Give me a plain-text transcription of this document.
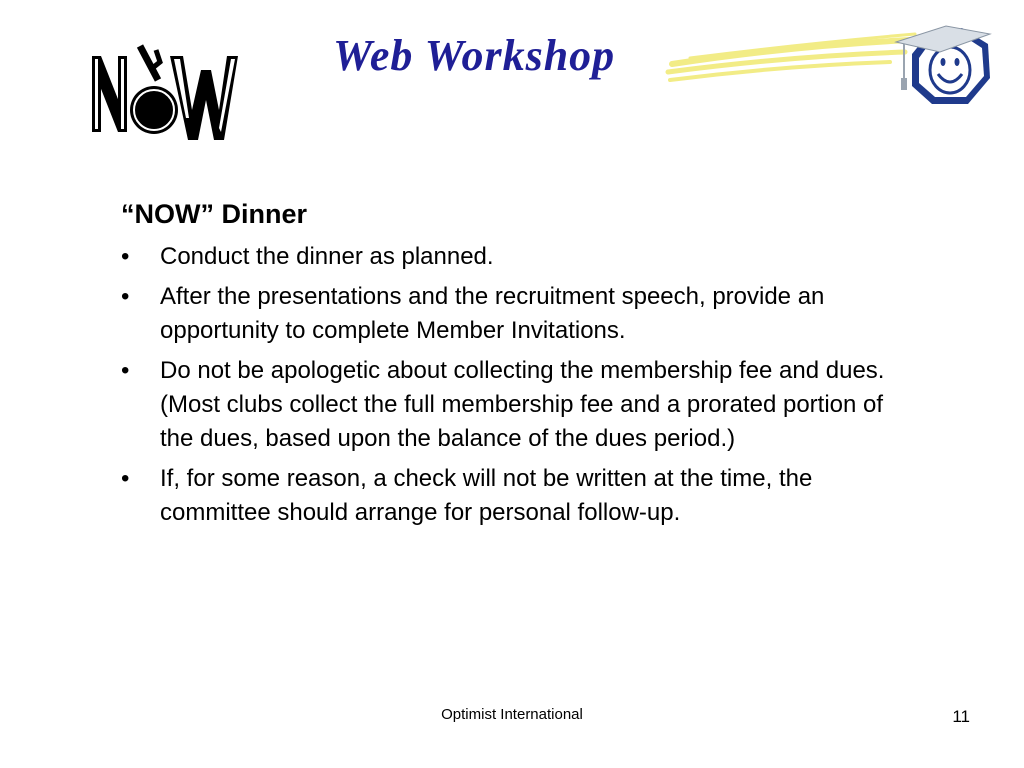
Web Workshop
“NOW” Dinner
• Conduct the dinner as planned.
• After the presentations and the recruitment speech, provide an opportunity to complete Member Invitations.
• Do not be apologetic about collecting the membership fee and dues. (Most clubs collect the full membership fee and a prorated portion of the dues, based upon the balance of the dues period.)
• If, for some reason, a check will not be written at the time, the committee should arrange for personal follow-up.
Optimist International	11
